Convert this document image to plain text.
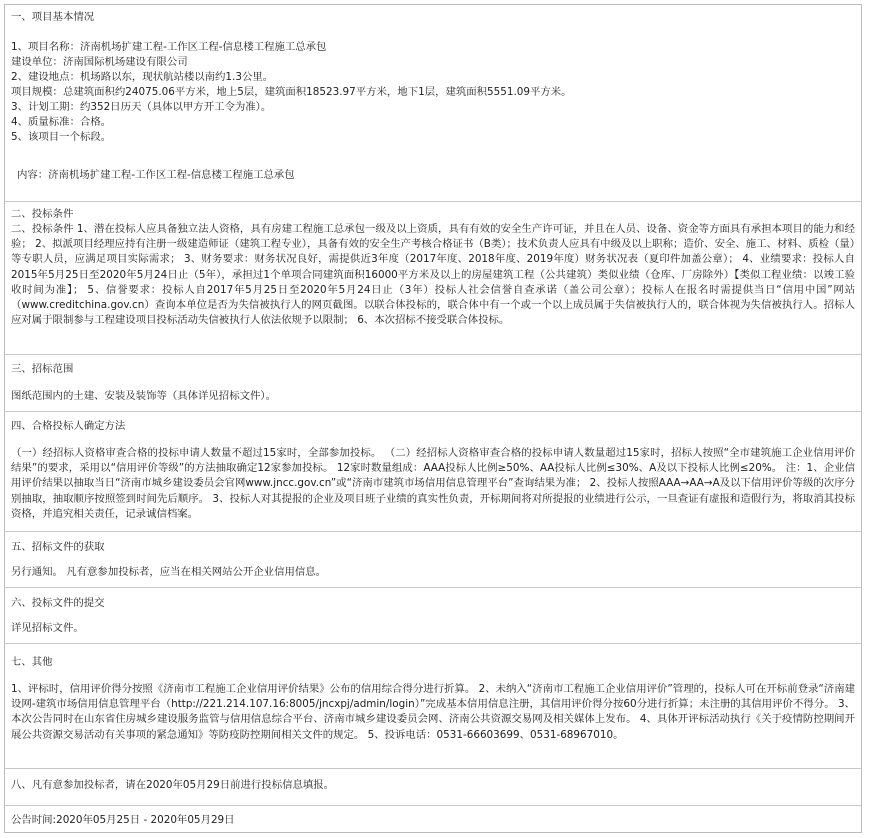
一、项目基本情况
1、项目名称：济南机场扩建工程-工作区工程-信息楼工程施工总承包
建设单位：济南国际机场建设有限公司
2、建设地点：机场路以东，现状航站楼以南约1.3公里。
项目规模：总建筑面积约24075.06平方米，地上5层，建筑面积18523.97平方米，地下1层，建筑面积5551.09平方米。
3、计划工期：约352日历天（具体以甲方开工令为准）。
4、质量标准：合格。
5、该项目一个标段。
内容：济南机场扩建工程-工作区工程-信息楼工程施工总承包
二、投标条件
二、投标条件 1、潜在投标人应具备独立法人资格，具有房建工程施工总承包一级及以上资质，具有有效的安全生产许可证，并且在人员、设备、资金等方面具有承担本项目的能力和经验； 2、拟派项目经理应持有注册一级建造师证（建筑工程专业），具备有效的安全生产考核合格证书（B类）；技术负责人应具有中级及以上职称；造价、安全、施工、材料、质检（量）等专职人员，应满足项目实际需求； 3、财务要求：财务状况良好，需提供近3年度（2017年度、2018年度、2019年度）财务状况表（夏印件加盖公章）； 4、业绩要求：投标人自2015年5月25日至2020年5月24日止（5年），承担过1个单项合同建筑面积16000平方米及以上的房屋建筑工程（公共建筑）类似业绩（仓库、厂房除外）【类似工程业绩：以竣工验收时间为准】； 5、信誉要求：投标人自2017年5月25日至2020年5月24日止（3年）投标人社会信誉自查承诺（盖公司公章）；投标人在报名时需提供当日“信用中国”网站（www.creditchina.gov.cn）查询本单位是否为失信被执行人的网页截图。以联合体投标的，联合体中有一个或一个以上成员属于失信被执行人的，联合体视为失信被执行人。招标人应对属于限制参与工程建设项目投标活动失信被执行人依法依规予以限制； 6、本次招标不接受联合体投标。
三、招标范围
图纸范围内的土建、安装及装饰等（具体详见招标文件）。
四、合格投标人确定方法
（一）经招标人资格审查合格的投标申请人数量不超过15家时，全部参加投标。 （二）经招标人资格审查合格的投标申请人数量超过15家时，招标人按照“全市建筑施工企业信用评价结果”的要求，采用以“信用评价等级”的方法抽取确定12家参加投标。 12家时数量组成：AAA投标人比例≥50%、AA投标人比例≤30%、A及以下投标人比例≤20%。 注：1、企业信用评价结果以抽取当日“济南市城乡建设委员会官网www.jncc.gov.cn”或“济南市建筑市场信用信息管理平台”查询结果为准； 2、投标人按照AAA→AA→A及以下信用评价等级的次序分别抽取，抽取顺序按照签到时间先后顺序。 3、投标人对其提报的企业及项目班子业绩的真实性负责，开标期间将对所提报的业绩进行公示，一旦查证有虚报和造假行为，将取消其投标资格，并追究相关责任，记录诚信档案。
五、招标文件的获取
另行通知。 凡有意参加投标者，应当在相关网站公开企业信用信息。
六、投标文件的提交
详见招标文件。
七、其他
1、评标时，信用评价得分按照《济南市工程施工企业信用评价结果》公布的信用综合得分进行折算。 2、未纳入“济南市工程施工企业信用评价”管理的，投标人可在开标前登录“济南建设网-建筑市场信用信息管理平台（http://221.214.107.16:8005/jncxpj/admin/login）”完成基本信用信息注册，其信用评价得分按60分进行折算；未注册的其信用评价不得分。 3、本次公告同时在山东省住房城乡建设服务监管与信用信息综合平台、济南市城乡建设委员会网、济南公共资源交易网及相关媒体上发布。 4、具体开评标活动执行《关于疫情防控期间开展公共资源交易活动有关事项的紧急通知》等防疫防控期间相关文件的规定。 5、投诉电话：0531-66603699、0531-68967010。
八、凡有意参加投标者，请在2020年05月29日前进行投标信息填报。
公告时间:2020年05月25日 - 2020年05月29日
